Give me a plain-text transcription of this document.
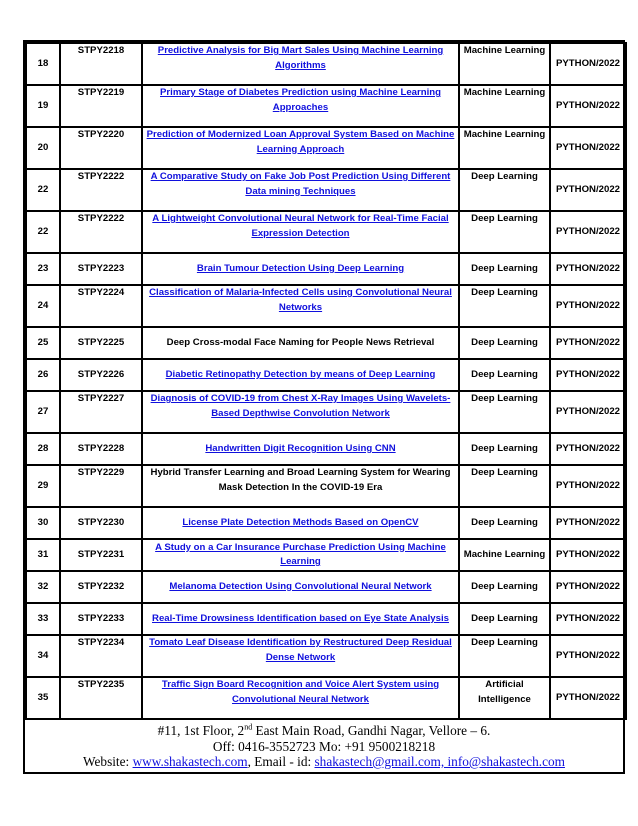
18	STPY2218	Predictive Analysis for Big Mart Sales Using Machine Learning Algorithms	Machine Learning	PYTHON/2022
19	STPY2219	Primary Stage of Diabetes Prediction using Machine Learning Approaches	Machine Learning	PYTHON/2022
20	STPY2220	Prediction of Modernized Loan Approval System Based on Machine Learning Approach	Machine Learning	PYTHON/2022
22	STPY2222	A Comparative Study on Fake Job Post Prediction Using Different Data mining Techniques	Deep Learning	PYTHON/2022
22	STPY2222	A Lightweight Convolutional Neural Network for Real-Time Facial Expression Detection	Deep Learning	PYTHON/2022
23	STPY2223	Brain Tumour Detection Using Deep Learning	Deep Learning	PYTHON/2022
24	STPY2224	Classification of Malaria-Infected Cells using Convolutional Neural Networks	Deep Learning	PYTHON/2022
25	STPY2225	Deep Cross-modal Face Naming for People News Retrieval	Deep Learning	PYTHON/2022
26	STPY2226	Diabetic Retinopathy Detection by means of Deep Learning	Deep Learning	PYTHON/2022
27	STPY2227	Diagnosis of COVID-19 from Chest X-Ray Images Using Wavelets-Based Depthwise Convolution Network	Deep Learning	PYTHON/2022
28	STPY2228	Handwritten Digit Recognition Using CNN	Deep Learning	PYTHON/2022
29	STPY2229	Hybrid Transfer Learning and Broad Learning System for Wearing Mask Detection In the COVID-19 Era	Deep Learning	PYTHON/2022
30	STPY2230	License Plate Detection Methods Based on OpenCV	Deep Learning	PYTHON/2022
31	STPY2231	A Study on a Car Insurance Purchase Prediction Using Machine Learning	Machine Learning	PYTHON/2022
32	STPY2232	Melanoma Detection Using Convolutional Neural Network	Deep Learning	PYTHON/2022
33	STPY2233	Real-Time Drowsiness Identification based on Eye State Analysis	Deep Learning	PYTHON/2022
34	STPY2234	Tomato Leaf Disease Identification by Restructured Deep Residual Dense Network	Deep Learning	PYTHON/2022
35	STPY2235	Traffic Sign Board Recognition and Voice Alert System using Convolutional Neural Network	Artificial Intelligence	PYTHON/2022
#11, 1st Floor, 2nd East Main Road, Gandhi Nagar, Vellore – 6.
Off: 0416-3552723 Mo: +91 9500218218
Website: www.shakastech.com, Email - id: shakastech@gmail.com, info@shakastech.com
